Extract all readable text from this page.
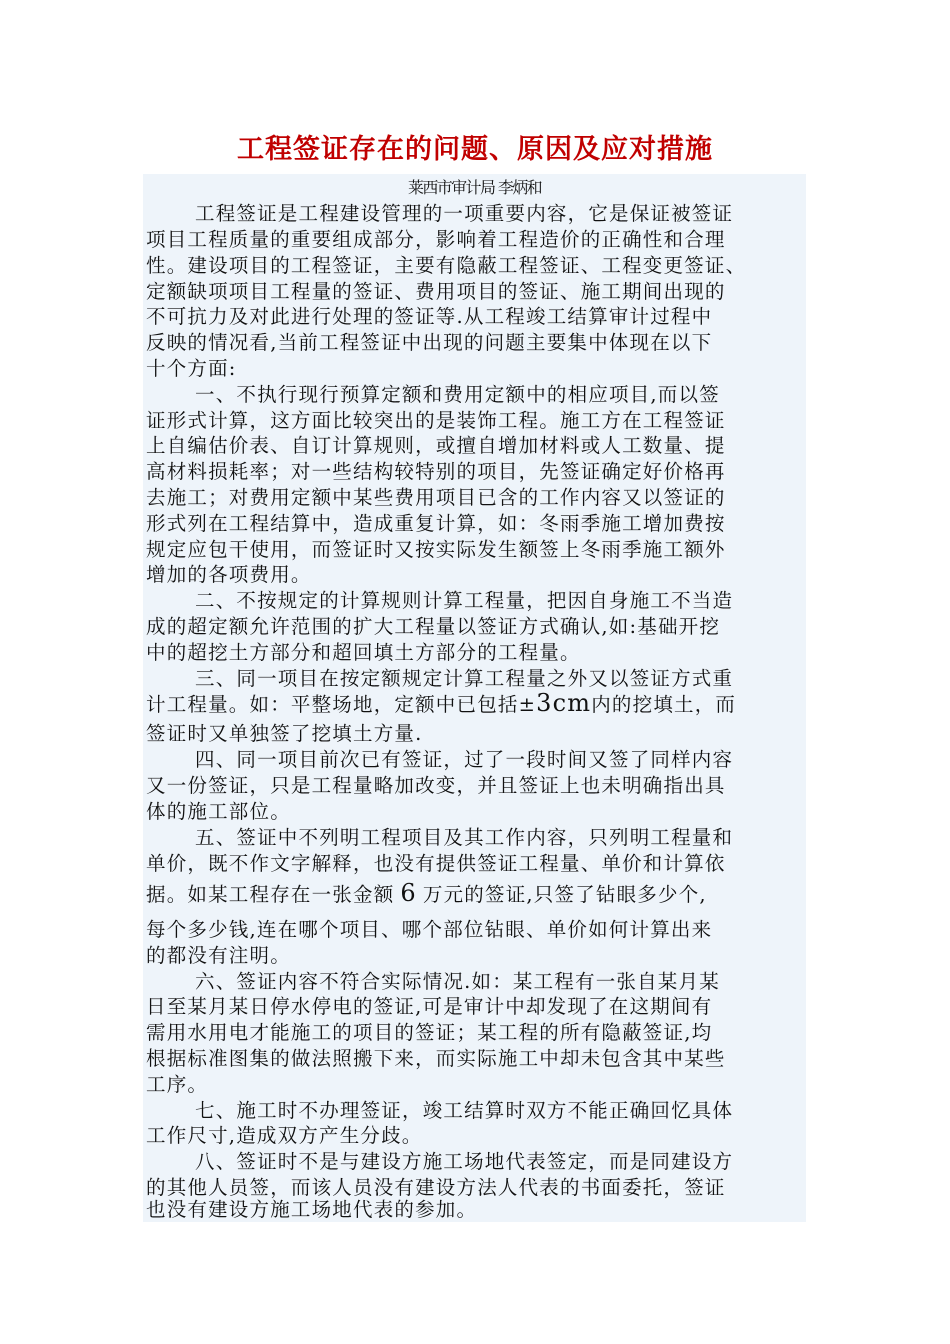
工程签证存在的问题、原因及应对措施
莱西市审计局 李炳和
工程签证是工程建设管理的一项重要内容，它是保证被签证
项目工程质量的重要组成部分，影响着工程造价的正确性和合理
性。建设项目的工程签证，主要有隐蔽工程签证、工程变更签证、
定额缺项项目工程量的签证、费用项目的签证、施工期间出现的
不可抗力及对此进行处理的签证等.从工程竣工结算审计过程中
反映的情况看,当前工程签证中出现的问题主要集中体现在以下
十个方面:
一、不执行现行预算定额和费用定额中的相应项目,而以签
证形式计算，这方面比较突出的是装饰工程。施工方在工程签证
上自编估价表、自订计算规则，或擅自增加材料或人工数量、提
高材料损耗率；对一些结构较特别的项目，先签证确定好价格再
去施工；对费用定额中某些费用项目已含的工作内容又以签证的
形式列在工程结算中，造成重复计算，如：冬雨季施工增加费按
规定应包干使用，而签证时又按实际发生额签上冬雨季施工额外
增加的各项费用。
二、不按规定的计算规则计算工程量，把因自身施工不当造
成的超定额允许范围的扩大工程量以签证方式确认,如:基础开挖
中的超挖土方部分和超回填土方部分的工程量。
三、同一项目在按定额规定计算工程量之外又以签证方式重
计工程量。如：平整场地，定额中已包括±3cm内的挖填土，而
签证时又单独签了挖填土方量.
四、同一项目前次已有签证，过了一段时间又签了同样内容
又一份签证，只是工程量略加改变，并且签证上也未明确指出具
体的施工部位。
五、签证中不列明工程项目及其工作内容，只列明工程量和
单价，既不作文字解释，也没有提供签证工程量、单价和计算依
据。如某工程存在一张金额 6 万元的签证,只签了钻眼多少个,
每个多少钱,连在哪个项目、哪个部位钻眼、单价如何计算出来
的都没有注明。
六、签证内容不符合实际情况.如：某工程有一张自某月某
日至某月某日停水停电的签证,可是审计中却发现了在这期间有
需用水用电才能施工的项目的签证；某工程的所有隐蔽签证,均
根据标准图集的做法照搬下来，而实际施工中却未包含其中某些
工序。
七、施工时不办理签证，竣工结算时双方不能正确回忆具体
工作尺寸,造成双方产生分歧。
八、签证时不是与建设方施工场地代表签定，而是同建设方
的其他人员签，而该人员没有建设方法人代表的书面委托，签证
也没有建设方施工场地代表的参加。
